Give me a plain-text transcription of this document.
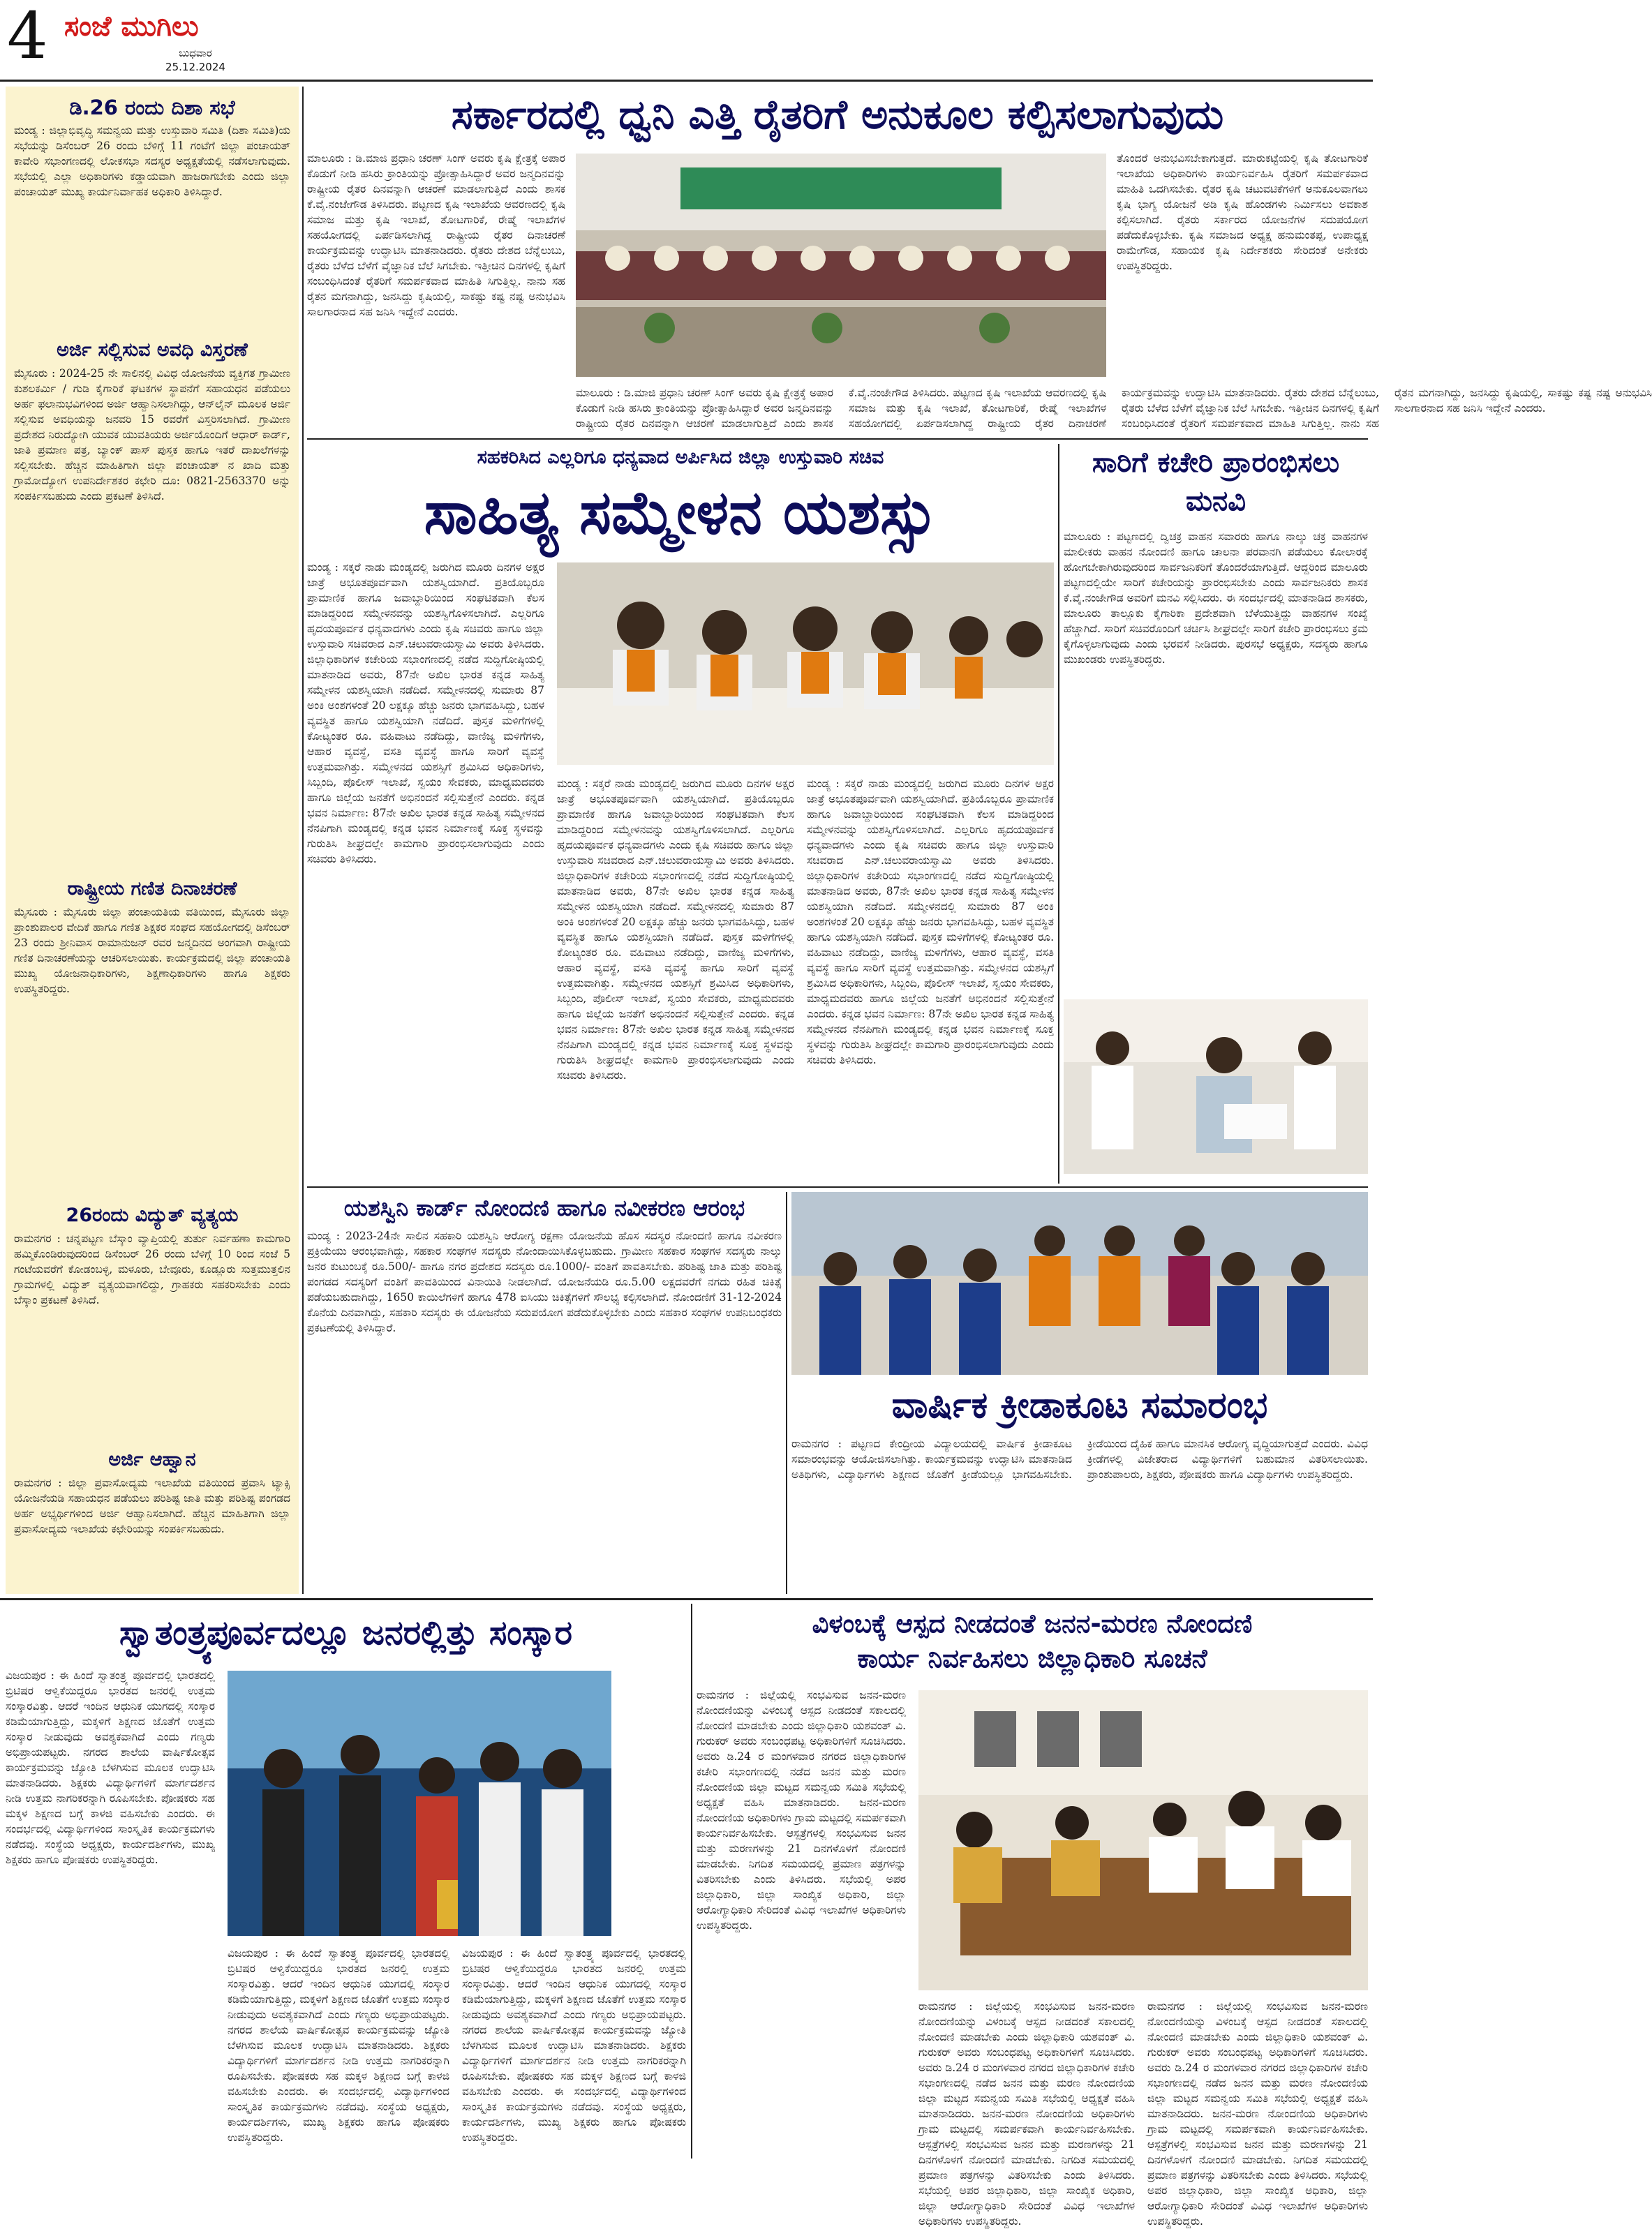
4 ಸಂಜೆ ಮುಗಿಲು
ಬುಧವಾರ
25.12.2024
ಡಿ.26 ರಂದು ದಿಶಾ ಸಭೆ
ಮಂಡ್ಯ : ಜಿಲ್ಲಾಭಿವೃದ್ಧಿ ಸಮನ್ವಯ ಮತ್ತು ಉಸ್ತುವಾರಿ ಸಮಿತಿ (ದಿಶಾ ಸಮಿತಿ)ಯ ಸಭೆಯನ್ನು ಡಿಸೆಂಬರ್ 26 ರಂದು ಬೆಳಿಗ್ಗೆ 11 ಗಂಟೆಗೆ ಜಿಲ್ಲಾ ಪಂಚಾಯತ್ ಕಾವೇರಿ ಸಭಾಂಗಣದಲ್ಲಿ ಲೋಕಸಭಾ ಸದಸ್ಯರ ಅಧ್ಯಕ್ಷತೆಯಲ್ಲಿ ನಡೆಸಲಾಗುವುದು. ಸಭೆಯಲ್ಲಿ ಎಲ್ಲಾ ಅಧಿಕಾರಿಗಳು ಕಡ್ಡಾಯವಾಗಿ ಹಾಜರಾಗಬೇಕು ಎಂದು ಜಿಲ್ಲಾ ಪಂಚಾಯತ್ ಮುಖ್ಯ ಕಾರ್ಯನಿರ್ವಾಹಕ ಅಧಿಕಾರಿ ತಿಳಿಸಿದ್ದಾರೆ.
ಅರ್ಜಿ ಸಲ್ಲಿಸುವ ಅವಧಿ ವಿಸ್ತರಣೆ
ಮೈಸೂರು : 2024-25 ನೇ ಸಾಲಿನಲ್ಲಿ ವಿವಿಧ ಯೋಜನೆಯ ವ್ಯಕ್ತಿಗತ ಗ್ರಾಮೀಣ ಕುಶಲಕರ್ಮಿ / ಗುಡಿ ಕೈಗಾರಿಕೆ ಘಟಕಗಳ ಸ್ಥಾಪನೆಗೆ ಸಹಾಯಧನ ಪಡೆಯಲು ಅರ್ಹ ಫಲಾನುಭವಿಗಳಿಂದ ಅರ್ಜಿ ಆಹ್ವಾನಿಸಲಾಗಿದ್ದು, ಆನ್‌ಲೈನ್ ಮೂಲಕ ಅರ್ಜಿ ಸಲ್ಲಿಸುವ ಅವಧಿಯನ್ನು ಜನವರಿ 15 ರವರೆಗೆ ವಿಸ್ತರಿಸಲಾಗಿದೆ. ಗ್ರಾಮೀಣ ಪ್ರದೇಶದ ನಿರುದ್ಯೋಗಿ ಯುವಕ ಯುವತಿಯರು ಅರ್ಜಿಯೊಂದಿಗೆ ಆಧಾರ್ ಕಾರ್ಡ್, ಜಾತಿ ಪ್ರಮಾಣ ಪತ್ರ, ಬ್ಯಾಂಕ್ ಪಾಸ್ ಪುಸ್ತಕ ಹಾಗೂ ಇತರೆ ದಾಖಲೆಗಳನ್ನು ಸಲ್ಲಿಸಬೇಕು. ಹೆಚ್ಚಿನ ಮಾಹಿತಿಗಾಗಿ ಜಿಲ್ಲಾ ಪಂಚಾಯತ್ ನ ಖಾದಿ ಮತ್ತು ಗ್ರಾಮೋದ್ಯೋಗ ಉಪನಿರ್ದೇಶಕರ ಕಛೇರಿ ದೂ: 0821-2563370 ಅನ್ನು ಸಂಪರ್ಕಿಸಬಹುದು ಎಂದು ಪ್ರಕಟಣೆ ತಿಳಿಸಿದೆ.
ರಾಷ್ಟ್ರೀಯ ಗಣಿತ ದಿನಾಚರಣೆ
ಮೈಸೂರು : ಮೈಸೂರು ಜಿಲ್ಲಾ ಪಂಚಾಯತಿಯ ವತಿಯಿಂದ, ಮೈಸೂರು ಜಿಲ್ಲಾ ಪ್ರಾಂಶುಪಾಲರ ವೇದಿಕೆ ಹಾಗೂ ಗಣಿತ ಶಿಕ್ಷಕರ ಸಂಘದ ಸಹಯೋಗದಲ್ಲಿ ಡಿಸೆಂಬರ್ 23 ರಂದು ಶ್ರೀನಿವಾಸ ರಾಮಾನುಜನ್ ರವರ ಜನ್ಮದಿನದ ಅಂಗವಾಗಿ ರಾಷ್ಟ್ರೀಯ ಗಣಿತ ದಿನಾಚರಣೆಯನ್ನು ಆಚರಿಸಲಾಯಿತು. ಕಾರ್ಯಕ್ರಮದಲ್ಲಿ ಜಿಲ್ಲಾ ಪಂಚಾಯತಿ ಮುಖ್ಯ ಯೋಜನಾಧಿಕಾರಿಗಳು, ಶಿಕ್ಷಣಾಧಿಕಾರಿಗಳು ಹಾಗೂ ಶಿಕ್ಷಕರು ಉಪಸ್ಥಿತರಿದ್ದರು.
26ರಂದು ವಿದ್ಯುತ್ ವ್ಯತ್ಯಯ
ರಾಮನಗರ : ಚನ್ನಪಟ್ಟಣ ಬೆಸ್ಕಾಂ ವ್ಯಾಪ್ತಿಯಲ್ಲಿ ತುರ್ತು ನಿರ್ವಹಣಾ ಕಾಮಗಾರಿ ಹಮ್ಮಿಕೊಂಡಿರುವುದರಿಂದ ಡಿಸೆಂಬರ್ 26 ರಂದು ಬೆಳಿಗ್ಗೆ 10 ರಿಂದ ಸಂಜೆ 5 ಗಂಟೆಯವರೆಗೆ ಕೋಡಂಬಳ್ಳಿ, ಮಳೂರು, ಬೇವೂರು, ಕೂಡ್ಲೂರು ಸುತ್ತಮುತ್ತಲಿನ ಗ್ರಾಮಗಳಲ್ಲಿ ವಿದ್ಯುತ್ ವ್ಯತ್ಯಯವಾಗಲಿದ್ದು, ಗ್ರಾಹಕರು ಸಹಕರಿಸಬೇಕು ಎಂದು ಬೆಸ್ಕಾಂ ಪ್ರಕಟಣೆ ತಿಳಿಸಿದೆ.
ಅರ್ಜಿ ಆಹ್ವಾನ
ರಾಮನಗರ : ಜಿಲ್ಲಾ ಪ್ರವಾಸೋದ್ಯಮ ಇಲಾಖೆಯ ವತಿಯಿಂದ ಪ್ರವಾಸಿ ಟ್ಯಾಕ್ಸಿ ಯೋಜನೆಯಡಿ ಸಹಾಯಧನ ಪಡೆಯಲು ಪರಿಶಿಷ್ಟ ಜಾತಿ ಮತ್ತು ಪರಿಶಿಷ್ಟ ಪಂಗಡದ ಅರ್ಹ ಅಭ್ಯರ್ಥಿಗಳಿಂದ ಅರ್ಜಿ ಆಹ್ವಾನಿಸಲಾಗಿದೆ. ಹೆಚ್ಚಿನ ಮಾಹಿತಿಗಾಗಿ ಜಿಲ್ಲಾ ಪ್ರವಾಸೋದ್ಯಮ ಇಲಾಖೆಯ ಕಛೇರಿಯನ್ನು ಸಂಪರ್ಕಿಸಬಹುದು.
ಸರ್ಕಾರದಲ್ಲಿ ಧ್ವನಿ ಎತ್ತಿ ರೈತರಿಗೆ ಅನುಕೂಲ ಕಲ್ಪಿಸಲಾಗುವುದು
ಮಾಲೂರು : ಡಿ.ಮಾಜಿ ಪ್ರಧಾನಿ ಚರಣ್ ಸಿಂಗ್ ಅವರು ಕೃಷಿ ಕ್ಷೇತ್ರಕ್ಕೆ ಅಪಾರ ಕೊಡುಗೆ ನೀಡಿ ಹಸಿರು ಕ್ರಾಂತಿಯನ್ನು ಪ್ರೋತ್ಸಾಹಿಸಿದ್ದಾರೆ ಅವರ ಜನ್ಮದಿನವನ್ನು ರಾಷ್ಟ್ರೀಯ ರೈತರ ದಿನವನ್ನಾಗಿ ಆಚರಣೆ ಮಾಡಲಾಗುತ್ತಿದೆ ಎಂದು ಶಾಸಕ ಕೆ.ವೈ.ನಂಜೇಗೌಡ ತಿಳಿಸಿದರು. ಪಟ್ಟಣದ ಕೃಷಿ ಇಲಾಖೆಯ ಆವರಣದಲ್ಲಿ ಕೃಷಿ ಸಮಾಜ ಮತ್ತು ಕೃಷಿ ಇಲಾಖೆ, ತೋಟಗಾರಿಕೆ, ರೇಷ್ಮೆ ಇಲಾಖೆಗಳ ಸಹಯೋಗದಲ್ಲಿ ಏರ್ಪಡಿಸಲಾಗಿದ್ದ ರಾಷ್ಟ್ರೀಯ ರೈತರ ದಿನಾಚರಣೆ ಕಾರ್ಯಕ್ರಮವನ್ನು ಉದ್ಘಾಟಿಸಿ ಮಾತನಾಡಿದರು. ರೈತರು ದೇಶದ ಬೆನ್ನೆಲುಬು, ರೈತರು ಬೆಳೆದ ಬೆಳೆಗೆ ವೈಜ್ಞಾನಿಕ ಬೆಲೆ ಸಿಗಬೇಕು. ಇತ್ತೀಚಿನ ದಿನಗಳಲ್ಲಿ ಕೃಷಿಗೆ ಸಂಬಂಧಿಸಿದಂತೆ ರೈತರಿಗೆ ಸಮರ್ಪಕವಾದ ಮಾಹಿತಿ ಸಿಗುತ್ತಿಲ್ಲ. ನಾನು ಸಹ ರೈತನ ಮಗನಾಗಿದ್ದು, ಜನಸಿದ್ದು ಕೃಷಿಯಲ್ಲಿ, ಸಾಕಷ್ಟು ಕಷ್ಟ ನಷ್ಟ ಅನುಭವಿಸಿ ಸಾಲಗಾರನಾದ ಸಹ ಜನಿಸಿ ಇದ್ದೇನೆ ಎಂದರು.
ತೊಂದರೆ ಅನುಭವಿಸಬೇಕಾಗುತ್ತದೆ. ಮಾರುಕಟ್ಟೆಯಲ್ಲಿ ಕೃಷಿ ತೋಟಗಾರಿಕೆ ಇಲಾಖೆಯ ಅಧಿಕಾರಿಗಳು ಕಾರ್ಯನಿರ್ವಹಿಸಿ ರೈತರಿಗೆ ಸಮರ್ಪಕವಾದ ಮಾಹಿತಿ ಒದಗಿಸಬೇಕು. ರೈತರ ಕೃಷಿ ಚಟುವಟಿಕೆಗಳಿಗೆ ಅನುಕೂಲವಾಗಲು ಕೃಷಿ ಭಾಗ್ಯ ಯೋಜನೆ ಅಡಿ ಕೃಷಿ ಹೊಂಡಗಳು ನಿರ್ಮಿಸಲು ಅವಕಾಶ ಕಲ್ಪಿಸಲಾಗಿದೆ. ರೈತರು ಸರ್ಕಾರದ ಯೋಜನೆಗಳ ಸದುಪಯೋಗ ಪಡೆದುಕೊಳ್ಳಬೇಕು. ಕೃಷಿ ಸಮಾಜದ ಅಧ್ಯಕ್ಷ ಹನುಮಂತಪ್ಪ, ಉಪಾಧ್ಯಕ್ಷ ರಾಮೇಗೌಡ, ಸಹಾಯಕ ಕೃಷಿ ನಿರ್ದೇಶಕರು ಸೇರಿದಂತೆ ಅನೇಕರು ಉಪಸ್ಥಿತರಿದ್ದರು.
ಮಾಲೂರು : ಡಿ.ಮಾಜಿ ಪ್ರಧಾನಿ ಚರಣ್ ಸಿಂಗ್ ಅವರು ಕೃಷಿ ಕ್ಷೇತ್ರಕ್ಕೆ ಅಪಾರ ಕೊಡುಗೆ ನೀಡಿ ಹಸಿರು ಕ್ರಾಂತಿಯನ್ನು ಪ್ರೋತ್ಸಾಹಿಸಿದ್ದಾರೆ ಅವರ ಜನ್ಮದಿನವನ್ನು ರಾಷ್ಟ್ರೀಯ ರೈತರ ದಿನವನ್ನಾಗಿ ಆಚರಣೆ ಮಾಡಲಾಗುತ್ತಿದೆ ಎಂದು ಶಾಸಕ ಕೆ.ವೈ.ನಂಜೇಗೌಡ ತಿಳಿಸಿದರು. ಪಟ್ಟಣದ ಕೃಷಿ ಇಲಾಖೆಯ ಆವರಣದಲ್ಲಿ ಕೃಷಿ ಸಮಾಜ ಮತ್ತು ಕೃಷಿ ಇಲಾಖೆ, ತೋಟಗಾರಿಕೆ, ರೇಷ್ಮೆ ಇಲಾಖೆಗಳ ಸಹಯೋಗದಲ್ಲಿ ಏರ್ಪಡಿಸಲಾಗಿದ್ದ ರಾಷ್ಟ್ರೀಯ ರೈತರ ದಿನಾಚರಣೆ ಕಾರ್ಯಕ್ರಮವನ್ನು ಉದ್ಘಾಟಿಸಿ ಮಾತನಾಡಿದರು. ರೈತರು ದೇಶದ ಬೆನ್ನೆಲುಬು, ರೈತರು ಬೆಳೆದ ಬೆಳೆಗೆ ವೈಜ್ಞಾನಿಕ ಬೆಲೆ ಸಿಗಬೇಕು. ಇತ್ತೀಚಿನ ದಿನಗಳಲ್ಲಿ ಕೃಷಿಗೆ ಸಂಬಂಧಿಸಿದಂತೆ ರೈತರಿಗೆ ಸಮರ್ಪಕವಾದ ಮಾಹಿತಿ ಸಿಗುತ್ತಿಲ್ಲ. ನಾನು ಸಹ ರೈತನ ಮಗನಾಗಿದ್ದು, ಜನಸಿದ್ದು ಕೃಷಿಯಲ್ಲಿ, ಸಾಕಷ್ಟು ಕಷ್ಟ ನಷ್ಟ ಅನುಭವಿಸಿ ಸಾಲಗಾರನಾದ ಸಹ ಜನಿಸಿ ಇದ್ದೇನೆ ಎಂದರು.
ಸಹಕರಿಸಿದ ಎಲ್ಲರಿಗೂ ಧನ್ಯವಾದ ಅರ್ಪಿಸಿದ ಜಿಲ್ಲಾ ಉಸ್ತುವಾರಿ ಸಚಿವ
ಸಾಹಿತ್ಯ ಸಮ್ಮೇಳನ ಯಶಸ್ಸು
ಮಂಡ್ಯ : ಸಕ್ಕರೆ ನಾಡು ಮಂಡ್ಯದಲ್ಲಿ ಜರುಗಿದ ಮೂರು ದಿನಗಳ ಅಕ್ಷರ ಜಾತ್ರೆ ಅಭೂತಪೂರ್ವವಾಗಿ ಯಶಸ್ವಿಯಾಗಿದೆ. ಪ್ರತಿಯೊಬ್ಬರೂ ಪ್ರಾಮಾಣಿಕ ಹಾಗೂ ಜವಾಬ್ದಾರಿಯಿಂದ ಸಂಘಟಿತವಾಗಿ ಕೆಲಸ ಮಾಡಿದ್ದರಿಂದ ಸಮ್ಮೇಳನವನ್ನು ಯಶಸ್ವಿಗೊಳಿಸಲಾಗಿದೆ. ಎಲ್ಲರಿಗೂ ಹೃದಯಪೂರ್ವಕ ಧನ್ಯವಾದಗಳು ಎಂದು ಕೃಷಿ ಸಚಿವರು ಹಾಗೂ ಜಿಲ್ಲಾ ಉಸ್ತುವಾರಿ ಸಚಿವರಾದ ಎನ್.ಚಲುವರಾಯಸ್ವಾಮಿ ಅವರು ತಿಳಿಸಿದರು. ಜಿಲ್ಲಾಧಿಕಾರಿಗಳ ಕಚೇರಿಯ ಸಭಾಂಗಣದಲ್ಲಿ ನಡೆದ ಸುದ್ದಿಗೋಷ್ಠಿಯಲ್ಲಿ ಮಾತನಾಡಿದ ಅವರು, 87ನೇ ಅಖಿಲ ಭಾರತ ಕನ್ನಡ ಸಾಹಿತ್ಯ ಸಮ್ಮೇಳನ ಯಶಸ್ವಿಯಾಗಿ ನಡೆದಿದೆ. ಸಮ್ಮೇಳನದಲ್ಲಿ ಸುಮಾರು 87 ಅಂಕಿ ಅಂಶಗಳಂತೆ 20 ಲಕ್ಷಕ್ಕೂ ಹೆಚ್ಚು ಜನರು ಭಾಗವಹಿಸಿದ್ದು, ಬಹಳ ವ್ಯವಸ್ಥಿತ ಹಾಗೂ ಯಶಸ್ವಿಯಾಗಿ ನಡೆದಿದೆ. ಪುಸ್ತಕ ಮಳಿಗೆಗಳಲ್ಲಿ ಕೋಟ್ಯಂತರ ರೂ. ವಹಿವಾಟು ನಡೆದಿದ್ದು, ವಾಣಿಜ್ಯ ಮಳಿಗೆಗಳು, ಆಹಾರ ವ್ಯವಸ್ಥೆ, ವಸತಿ ವ್ಯವಸ್ಥೆ ಹಾಗೂ ಸಾರಿಗೆ ವ್ಯವಸ್ಥೆ ಉತ್ತಮವಾಗಿತ್ತು. ಸಮ್ಮೇಳನದ ಯಶಸ್ಸಿಗೆ ಶ್ರಮಿಸಿದ ಅಧಿಕಾರಿಗಳು, ಸಿಬ್ಬಂದಿ, ಪೊಲೀಸ್ ಇಲಾಖೆ, ಸ್ವಯಂ ಸೇವಕರು, ಮಾಧ್ಯಮದವರು ಹಾಗೂ ಜಿಲ್ಲೆಯ ಜನತೆಗೆ ಅಭಿನಂದನೆ ಸಲ್ಲಿಸುತ್ತೇನೆ ಎಂದರು. ಕನ್ನಡ ಭವನ ನಿರ್ಮಾಣ: 87ನೇ ಅಖಿಲ ಭಾರತ ಕನ್ನಡ ಸಾಹಿತ್ಯ ಸಮ್ಮೇಳನದ ನೆನಪಿಗಾಗಿ ಮಂಡ್ಯದಲ್ಲಿ ಕನ್ನಡ ಭವನ ನಿರ್ಮಾಣಕ್ಕೆ ಸೂಕ್ತ ಸ್ಥಳವನ್ನು ಗುರುತಿಸಿ ಶೀಘ್ರದಲ್ಲೇ ಕಾಮಗಾರಿ ಪ್ರಾರಂಭಿಸಲಾಗುವುದು ಎಂದು ಸಚಿವರು ತಿಳಿಸಿದರು.
ಮಂಡ್ಯ : ಸಕ್ಕರೆ ನಾಡು ಮಂಡ್ಯದಲ್ಲಿ ಜರುಗಿದ ಮೂರು ದಿನಗಳ ಅಕ್ಷರ ಜಾತ್ರೆ ಅಭೂತಪೂರ್ವವಾಗಿ ಯಶಸ್ವಿಯಾಗಿದೆ. ಪ್ರತಿಯೊಬ್ಬರೂ ಪ್ರಾಮಾಣಿಕ ಹಾಗೂ ಜವಾಬ್ದಾರಿಯಿಂದ ಸಂಘಟಿತವಾಗಿ ಕೆಲಸ ಮಾಡಿದ್ದರಿಂದ ಸಮ್ಮೇಳನವನ್ನು ಯಶಸ್ವಿಗೊಳಿಸಲಾಗಿದೆ. ಎಲ್ಲರಿಗೂ ಹೃದಯಪೂರ್ವಕ ಧನ್ಯವಾದಗಳು ಎಂದು ಕೃಷಿ ಸಚಿವರು ಹಾಗೂ ಜಿಲ್ಲಾ ಉಸ್ತುವಾರಿ ಸಚಿವರಾದ ಎನ್.ಚಲುವರಾಯಸ್ವಾಮಿ ಅವರು ತಿಳಿಸಿದರು. ಜಿಲ್ಲಾಧಿಕಾರಿಗಳ ಕಚೇರಿಯ ಸಭಾಂಗಣದಲ್ಲಿ ನಡೆದ ಸುದ್ದಿಗೋಷ್ಠಿಯಲ್ಲಿ ಮಾತನಾಡಿದ ಅವರು, 87ನೇ ಅಖಿಲ ಭಾರತ ಕನ್ನಡ ಸಾಹಿತ್ಯ ಸಮ್ಮೇಳನ ಯಶಸ್ವಿಯಾಗಿ ನಡೆದಿದೆ. ಸಮ್ಮೇಳನದಲ್ಲಿ ಸುಮಾರು 87 ಅಂಕಿ ಅಂಶಗಳಂತೆ 20 ಲಕ್ಷಕ್ಕೂ ಹೆಚ್ಚು ಜನರು ಭಾಗವಹಿಸಿದ್ದು, ಬಹಳ ವ್ಯವಸ್ಥಿತ ಹಾಗೂ ಯಶಸ್ವಿಯಾಗಿ ನಡೆದಿದೆ. ಪುಸ್ತಕ ಮಳಿಗೆಗಳಲ್ಲಿ ಕೋಟ್ಯಂತರ ರೂ. ವಹಿವಾಟು ನಡೆದಿದ್ದು, ವಾಣಿಜ್ಯ ಮಳಿಗೆಗಳು, ಆಹಾರ ವ್ಯವಸ್ಥೆ, ವಸತಿ ವ್ಯವಸ್ಥೆ ಹಾಗೂ ಸಾರಿಗೆ ವ್ಯವಸ್ಥೆ ಉತ್ತಮವಾಗಿತ್ತು. ಸಮ್ಮೇಳನದ ಯಶಸ್ಸಿಗೆ ಶ್ರಮಿಸಿದ ಅಧಿಕಾರಿಗಳು, ಸಿಬ್ಬಂದಿ, ಪೊಲೀಸ್ ಇಲಾಖೆ, ಸ್ವಯಂ ಸೇವಕರು, ಮಾಧ್ಯಮದವರು ಹಾಗೂ ಜಿಲ್ಲೆಯ ಜನತೆಗೆ ಅಭಿನಂದನೆ ಸಲ್ಲಿಸುತ್ತೇನೆ ಎಂದರು. ಕನ್ನಡ ಭವನ ನಿರ್ಮಾಣ: 87ನೇ ಅಖಿಲ ಭಾರತ ಕನ್ನಡ ಸಾಹಿತ್ಯ ಸಮ್ಮೇಳನದ ನೆನಪಿಗಾಗಿ ಮಂಡ್ಯದಲ್ಲಿ ಕನ್ನಡ ಭವನ ನಿರ್ಮಾಣಕ್ಕೆ ಸೂಕ್ತ ಸ್ಥಳವನ್ನು ಗುರುತಿಸಿ ಶೀಘ್ರದಲ್ಲೇ ಕಾಮಗಾರಿ ಪ್ರಾರಂಭಿಸಲಾಗುವುದು ಎಂದು ಸಚಿವರು ತಿಳಿಸಿದರು.
ಮಂಡ್ಯ : ಸಕ್ಕರೆ ನಾಡು ಮಂಡ್ಯದಲ್ಲಿ ಜರುಗಿದ ಮೂರು ದಿನಗಳ ಅಕ್ಷರ ಜಾತ್ರೆ ಅಭೂತಪೂರ್ವವಾಗಿ ಯಶಸ್ವಿಯಾಗಿದೆ. ಪ್ರತಿಯೊಬ್ಬರೂ ಪ್ರಾಮಾಣಿಕ ಹಾಗೂ ಜವಾಬ್ದಾರಿಯಿಂದ ಸಂಘಟಿತವಾಗಿ ಕೆಲಸ ಮಾಡಿದ್ದರಿಂದ ಸಮ್ಮೇಳನವನ್ನು ಯಶಸ್ವಿಗೊಳಿಸಲಾಗಿದೆ. ಎಲ್ಲರಿಗೂ ಹೃದಯಪೂರ್ವಕ ಧನ್ಯವಾದಗಳು ಎಂದು ಕೃಷಿ ಸಚಿವರು ಹಾಗೂ ಜಿಲ್ಲಾ ಉಸ್ತುವಾರಿ ಸಚಿವರಾದ ಎನ್.ಚಲುವರಾಯಸ್ವಾಮಿ ಅವರು ತಿಳಿಸಿದರು. ಜಿಲ್ಲಾಧಿಕಾರಿಗಳ ಕಚೇರಿಯ ಸಭಾಂಗಣದಲ್ಲಿ ನಡೆದ ಸುದ್ದಿಗೋಷ್ಠಿಯಲ್ಲಿ ಮಾತನಾಡಿದ ಅವರು, 87ನೇ ಅಖಿಲ ಭಾರತ ಕನ್ನಡ ಸಾಹಿತ್ಯ ಸಮ್ಮೇಳನ ಯಶಸ್ವಿಯಾಗಿ ನಡೆದಿದೆ. ಸಮ್ಮೇಳನದಲ್ಲಿ ಸುಮಾರು 87 ಅಂಕಿ ಅಂಶಗಳಂತೆ 20 ಲಕ್ಷಕ್ಕೂ ಹೆಚ್ಚು ಜನರು ಭಾಗವಹಿಸಿದ್ದು, ಬಹಳ ವ್ಯವಸ್ಥಿತ ಹಾಗೂ ಯಶಸ್ವಿಯಾಗಿ ನಡೆದಿದೆ. ಪುಸ್ತಕ ಮಳಿಗೆಗಳಲ್ಲಿ ಕೋಟ್ಯಂತರ ರೂ. ವಹಿವಾಟು ನಡೆದಿದ್ದು, ವಾಣಿಜ್ಯ ಮಳಿಗೆಗಳು, ಆಹಾರ ವ್ಯವಸ್ಥೆ, ವಸತಿ ವ್ಯವಸ್ಥೆ ಹಾಗೂ ಸಾರಿಗೆ ವ್ಯವಸ್ಥೆ ಉತ್ತಮವಾಗಿತ್ತು. ಸಮ್ಮೇಳನದ ಯಶಸ್ಸಿಗೆ ಶ್ರಮಿಸಿದ ಅಧಿಕಾರಿಗಳು, ಸಿಬ್ಬಂದಿ, ಪೊಲೀಸ್ ಇಲಾಖೆ, ಸ್ವಯಂ ಸೇವಕರು, ಮಾಧ್ಯಮದವರು ಹಾಗೂ ಜಿಲ್ಲೆಯ ಜನತೆಗೆ ಅಭಿನಂದನೆ ಸಲ್ಲಿಸುತ್ತೇನೆ ಎಂದರು. ಕನ್ನಡ ಭವನ ನಿರ್ಮಾಣ: 87ನೇ ಅಖಿಲ ಭಾರತ ಕನ್ನಡ ಸಾಹಿತ್ಯ ಸಮ್ಮೇಳನದ ನೆನಪಿಗಾಗಿ ಮಂಡ್ಯದಲ್ಲಿ ಕನ್ನಡ ಭವನ ನಿರ್ಮಾಣಕ್ಕೆ ಸೂಕ್ತ ಸ್ಥಳವನ್ನು ಗುರುತಿಸಿ ಶೀಘ್ರದಲ್ಲೇ ಕಾಮಗಾರಿ ಪ್ರಾರಂಭಿಸಲಾಗುವುದು ಎಂದು ಸಚಿವರು ತಿಳಿಸಿದರು.
ಸಾರಿಗೆ ಕಚೇರಿ ಪ್ರಾರಂಭಿಸಲು ಮನವಿ
ಮಾಲೂರು : ಪಟ್ಟಣದಲ್ಲಿ ದ್ವಿಚಕ್ರ ವಾಹನ ಸವಾರರು ಹಾಗೂ ನಾಲ್ಕು ಚಕ್ರ ವಾಹನಗಳ ಮಾಲೀಕರು ವಾಹನ ನೋಂದಣಿ ಹಾಗೂ ಚಾಲನಾ ಪರವಾನಗಿ ಪಡೆಯಲು ಕೋಲಾರಕ್ಕೆ ಹೋಗಬೇಕಾಗಿರುವುದರಿಂದ ಸಾರ್ವಜನಿಕರಿಗೆ ತೊಂದರೆಯಾಗುತ್ತಿದೆ. ಆದ್ದರಿಂದ ಮಾಲೂರು ಪಟ್ಟಣದಲ್ಲಿಯೇ ಸಾರಿಗೆ ಕಚೇರಿಯನ್ನು ಪ್ರಾರಂಭಿಸಬೇಕು ಎಂದು ಸಾರ್ವಜನಿಕರು ಶಾಸಕ ಕೆ.ವೈ.ನಂಜೇಗೌಡ ಅವರಿಗೆ ಮನವಿ ಸಲ್ಲಿಸಿದರು. ಈ ಸಂದರ್ಭದಲ್ಲಿ ಮಾತನಾಡಿದ ಶಾಸಕರು, ಮಾಲೂರು ತಾಲ್ಲೂಕು ಕೈಗಾರಿಕಾ ಪ್ರದೇಶವಾಗಿ ಬೆಳೆಯುತ್ತಿದ್ದು ವಾಹನಗಳ ಸಂಖ್ಯೆ ಹೆಚ್ಚಾಗಿದೆ. ಸಾರಿಗೆ ಸಚಿವರೊಂದಿಗೆ ಚರ್ಚಿಸಿ ಶೀಘ್ರದಲ್ಲೇ ಸಾರಿಗೆ ಕಚೇರಿ ಪ್ರಾರಂಭಿಸಲು ಕ್ರಮ ಕೈಗೊಳ್ಳಲಾಗುವುದು ಎಂದು ಭರವಸೆ ನೀಡಿದರು. ಪುರಸಭೆ ಅಧ್ಯಕ್ಷರು, ಸದಸ್ಯರು ಹಾಗೂ ಮುಖಂಡರು ಉಪಸ್ಥಿತರಿದ್ದರು.
ಯಶಸ್ವಿನಿ ಕಾರ್ಡ್ ನೋಂದಣಿ ಹಾಗೂ ನವೀಕರಣ ಆರಂಭ
ಮಂಡ್ಯ : 2023-24ನೇ ಸಾಲಿನ ಸಹಕಾರಿ ಯಶಸ್ವಿನಿ ಆರೋಗ್ಯ ರಕ್ಷಣಾ ಯೋಜನೆಯ ಹೊಸ ಸದಸ್ಯರ ನೋಂದಣಿ ಹಾಗೂ ನವೀಕರಣ ಪ್ರಕ್ರಿಯೆಯು ಆರಂಭವಾಗಿದ್ದು, ಸಹಕಾರ ಸಂಘಗಳ ಸದಸ್ಯರು ನೋಂದಾಯಿಸಿಕೊಳ್ಳಬಹುದು. ಗ್ರಾಮೀಣ ಸಹಕಾರ ಸಂಘಗಳ ಸದಸ್ಯರು ನಾಲ್ಕು ಜನರ ಕುಟುಂಬಕ್ಕೆ ರೂ.500/- ಹಾಗೂ ನಗರ ಪ್ರದೇಶದ ಸದಸ್ಯರು ರೂ.1000/- ವಂತಿಗೆ ಪಾವತಿಸಬೇಕು. ಪರಿಶಿಷ್ಟ ಜಾತಿ ಮತ್ತು ಪರಿಶಿಷ್ಟ ಪಂಗಡದ ಸದಸ್ಯರಿಗೆ ವಂತಿಗೆ ಪಾವತಿಯಿಂದ ವಿನಾಯಿತಿ ನೀಡಲಾಗಿದೆ. ಯೋಜನೆಯಡಿ ರೂ.5.00 ಲಕ್ಷದವರೆಗೆ ನಗದು ರಹಿತ ಚಿಕಿತ್ಸೆ ಪಡೆಯಬಹುದಾಗಿದ್ದು, 1650 ಕಾಯಿಲೆಗಳಿಗೆ ಹಾಗೂ 478 ಐಸಿಯು ಚಿಕಿತ್ಸೆಗಳಿಗೆ ಸೌಲಭ್ಯ ಕಲ್ಪಿಸಲಾಗಿದೆ. ನೋಂದಣಿಗೆ 31-12-2024 ಕೊನೆಯ ದಿನವಾಗಿದ್ದು, ಸಹಕಾರಿ ಸದಸ್ಯರು ಈ ಯೋಜನೆಯ ಸದುಪಯೋಗ ಪಡೆದುಕೊಳ್ಳಬೇಕು ಎಂದು ಸಹಕಾರ ಸಂಘಗಳ ಉಪನಿಬಂಧಕರು ಪ್ರಕಟಣೆಯಲ್ಲಿ ತಿಳಿಸಿದ್ದಾರೆ.
ವಾರ್ಷಿಕ ಕ್ರೀಡಾಕೂಟ ಸಮಾರಂಭ
ರಾಮನಗರ : ಪಟ್ಟಣದ ಕೇಂದ್ರೀಯ ವಿದ್ಯಾಲಯದಲ್ಲಿ ವಾರ್ಷಿಕ ಕ್ರೀಡಾಕೂಟ ಸಮಾರಂಭವನ್ನು ಆಯೋಜಿಸಲಾಗಿತ್ತು. ಕಾರ್ಯಕ್ರಮವನ್ನು ಉದ್ಘಾಟಿಸಿ ಮಾತನಾಡಿದ ಅತಿಥಿಗಳು, ವಿದ್ಯಾರ್ಥಿಗಳು ಶಿಕ್ಷಣದ ಜೊತೆಗೆ ಕ್ರೀಡೆಯಲ್ಲೂ ಭಾಗವಹಿಸಬೇಕು. ಕ್ರೀಡೆಯಿಂದ ದೈಹಿಕ ಹಾಗೂ ಮಾನಸಿಕ ಆರೋಗ್ಯ ವೃದ್ಧಿಯಾಗುತ್ತದೆ ಎಂದರು. ವಿವಿಧ ಕ್ರೀಡೆಗಳಲ್ಲಿ ವಿಜೇತರಾದ ವಿದ್ಯಾರ್ಥಿಗಳಿಗೆ ಬಹುಮಾನ ವಿತರಿಸಲಾಯಿತು. ಪ್ರಾಂಶುಪಾಲರು, ಶಿಕ್ಷಕರು, ಪೋಷಕರು ಹಾಗೂ ವಿದ್ಯಾರ್ಥಿಗಳು ಉಪಸ್ಥಿತರಿದ್ದರು.
ಸ್ವಾತಂತ್ರ್ಯಪೂರ್ವದಲ್ಲೂ ಜನರಲ್ಲಿತ್ತು ಸಂಸ್ಕಾರ
ವಿಜಯಪುರ : ಈ ಹಿಂದೆ ಸ್ವಾತಂತ್ರ್ಯ ಪೂರ್ವದಲ್ಲಿ ಭಾರತದಲ್ಲಿ ಬ್ರಿಟಿಷರ ಆಳ್ವಿಕೆಯಿದ್ದರೂ ಭಾರತದ ಜನರಲ್ಲಿ ಉತ್ತಮ ಸಂಸ್ಕಾರವಿತ್ತು. ಆದರೆ ಇಂದಿನ ಆಧುನಿಕ ಯುಗದಲ್ಲಿ ಸಂಸ್ಕಾರ ಕಡಿಮೆಯಾಗುತ್ತಿದ್ದು, ಮಕ್ಕಳಿಗೆ ಶಿಕ್ಷಣದ ಜೊತೆಗೆ ಉತ್ತಮ ಸಂಸ್ಕಾರ ನೀಡುವುದು ಅವಶ್ಯಕವಾಗಿದೆ ಎಂದು ಗಣ್ಯರು ಅಭಿಪ್ರಾಯಪಟ್ಟರು. ನಗರದ ಶಾಲೆಯ ವಾರ್ಷಿಕೋತ್ಸವ ಕಾರ್ಯಕ್ರಮವನ್ನು ಜ್ಯೋತಿ ಬೆಳಗಿಸುವ ಮೂಲಕ ಉದ್ಘಾಟಿಸಿ ಮಾತನಾಡಿದರು. ಶಿಕ್ಷಕರು ವಿದ್ಯಾರ್ಥಿಗಳಿಗೆ ಮಾರ್ಗದರ್ಶನ ನೀಡಿ ಉತ್ತಮ ನಾಗರಿಕರನ್ನಾಗಿ ರೂಪಿಸಬೇಕು. ಪೋಷಕರು ಸಹ ಮಕ್ಕಳ ಶಿಕ್ಷಣದ ಬಗ್ಗೆ ಕಾಳಜಿ ವಹಿಸಬೇಕು ಎಂದರು. ಈ ಸಂದರ್ಭದಲ್ಲಿ ವಿದ್ಯಾರ್ಥಿಗಳಿಂದ ಸಾಂಸ್ಕೃತಿಕ ಕಾರ್ಯಕ್ರಮಗಳು ನಡೆದವು. ಸಂಸ್ಥೆಯ ಅಧ್ಯಕ್ಷರು, ಕಾರ್ಯದರ್ಶಿಗಳು, ಮುಖ್ಯ ಶಿಕ್ಷಕರು ಹಾಗೂ ಪೋಷಕರು ಉಪಸ್ಥಿತರಿದ್ದರು.
ವಿಜಯಪುರ : ಈ ಹಿಂದೆ ಸ್ವಾತಂತ್ರ್ಯ ಪೂರ್ವದಲ್ಲಿ ಭಾರತದಲ್ಲಿ ಬ್ರಿಟಿಷರ ಆಳ್ವಿಕೆಯಿದ್ದರೂ ಭಾರತದ ಜನರಲ್ಲಿ ಉತ್ತಮ ಸಂಸ್ಕಾರವಿತ್ತು. ಆದರೆ ಇಂದಿನ ಆಧುನಿಕ ಯುಗದಲ್ಲಿ ಸಂಸ್ಕಾರ ಕಡಿಮೆಯಾಗುತ್ತಿದ್ದು, ಮಕ್ಕಳಿಗೆ ಶಿಕ್ಷಣದ ಜೊತೆಗೆ ಉತ್ತಮ ಸಂಸ್ಕಾರ ನೀಡುವುದು ಅವಶ್ಯಕವಾಗಿದೆ ಎಂದು ಗಣ್ಯರು ಅಭಿಪ್ರಾಯಪಟ್ಟರು. ನಗರದ ಶಾಲೆಯ ವಾರ್ಷಿಕೋತ್ಸವ ಕಾರ್ಯಕ್ರಮವನ್ನು ಜ್ಯೋತಿ ಬೆಳಗಿಸುವ ಮೂಲಕ ಉದ್ಘಾಟಿಸಿ ಮಾತನಾಡಿದರು. ಶಿಕ್ಷಕರು ವಿದ್ಯಾರ್ಥಿಗಳಿಗೆ ಮಾರ್ಗದರ್ಶನ ನೀಡಿ ಉತ್ತಮ ನಾಗರಿಕರನ್ನಾಗಿ ರೂಪಿಸಬೇಕು. ಪೋಷಕರು ಸಹ ಮಕ್ಕಳ ಶಿಕ್ಷಣದ ಬಗ್ಗೆ ಕಾಳಜಿ ವಹಿಸಬೇಕು ಎಂದರು. ಈ ಸಂದರ್ಭದಲ್ಲಿ ವಿದ್ಯಾರ್ಥಿಗಳಿಂದ ಸಾಂಸ್ಕೃತಿಕ ಕಾರ್ಯಕ್ರಮಗಳು ನಡೆದವು. ಸಂಸ್ಥೆಯ ಅಧ್ಯಕ್ಷರು, ಕಾರ್ಯದರ್ಶಿಗಳು, ಮುಖ್ಯ ಶಿಕ್ಷಕರು ಹಾಗೂ ಪೋಷಕರು ಉಪಸ್ಥಿತರಿದ್ದರು.
ವಿಜಯಪುರ : ಈ ಹಿಂದೆ ಸ್ವಾತಂತ್ರ್ಯ ಪೂರ್ವದಲ್ಲಿ ಭಾರತದಲ್ಲಿ ಬ್ರಿಟಿಷರ ಆಳ್ವಿಕೆಯಿದ್ದರೂ ಭಾರತದ ಜನರಲ್ಲಿ ಉತ್ತಮ ಸಂಸ್ಕಾರವಿತ್ತು. ಆದರೆ ಇಂದಿನ ಆಧುನಿಕ ಯುಗದಲ್ಲಿ ಸಂಸ್ಕಾರ ಕಡಿಮೆಯಾಗುತ್ತಿದ್ದು, ಮಕ್ಕಳಿಗೆ ಶಿಕ್ಷಣದ ಜೊತೆಗೆ ಉತ್ತಮ ಸಂಸ್ಕಾರ ನೀಡುವುದು ಅವಶ್ಯಕವಾಗಿದೆ ಎಂದು ಗಣ್ಯರು ಅಭಿಪ್ರಾಯಪಟ್ಟರು. ನಗರದ ಶಾಲೆಯ ವಾರ್ಷಿಕೋತ್ಸವ ಕಾರ್ಯಕ್ರಮವನ್ನು ಜ್ಯೋತಿ ಬೆಳಗಿಸುವ ಮೂಲಕ ಉದ್ಘಾಟಿಸಿ ಮಾತನಾಡಿದರು. ಶಿಕ್ಷಕರು ವಿದ್ಯಾರ್ಥಿಗಳಿಗೆ ಮಾರ್ಗದರ್ಶನ ನೀಡಿ ಉತ್ತಮ ನಾಗರಿಕರನ್ನಾಗಿ ರೂಪಿಸಬೇಕು. ಪೋಷಕರು ಸಹ ಮಕ್ಕಳ ಶಿಕ್ಷಣದ ಬಗ್ಗೆ ಕಾಳಜಿ ವಹಿಸಬೇಕು ಎಂದರು. ಈ ಸಂದರ್ಭದಲ್ಲಿ ವಿದ್ಯಾರ್ಥಿಗಳಿಂದ ಸಾಂಸ್ಕೃತಿಕ ಕಾರ್ಯಕ್ರಮಗಳು ನಡೆದವು. ಸಂಸ್ಥೆಯ ಅಧ್ಯಕ್ಷರು, ಕಾರ್ಯದರ್ಶಿಗಳು, ಮುಖ್ಯ ಶಿಕ್ಷಕರು ಹಾಗೂ ಪೋಷಕರು ಉಪಸ್ಥಿತರಿದ್ದರು.
ವಿಳಂಬಕ್ಕೆ ಆಸ್ಪದ ನೀಡದಂತೆ ಜನನ-ಮರಣ ನೋಂದಣಿ
ಕಾರ್ಯ ನಿರ್ವಹಿಸಲು ಜಿಲ್ಲಾಧಿಕಾರಿ ಸೂಚನೆ
ರಾಮನಗರ : ಜಿಲ್ಲೆಯಲ್ಲಿ ಸಂಭವಿಸುವ ಜನನ-ಮರಣ ನೋಂದಣಿಯನ್ನು ವಿಳಂಬಕ್ಕೆ ಆಸ್ಪದ ನೀಡದಂತೆ ಸಕಾಲದಲ್ಲಿ ನೋಂದಣಿ ಮಾಡಬೇಕು ಎಂದು ಜಿಲ್ಲಾಧಿಕಾರಿ ಯಶವಂತ್ ವಿ. ಗುರುಕರ್ ಅವರು ಸಂಬಂಧಪಟ್ಟ ಅಧಿಕಾರಿಗಳಿಗೆ ಸೂಚಿಸಿದರು. ಅವರು ಡಿ.24 ರ ಮಂಗಳವಾರ ನಗರದ ಜಿಲ್ಲಾಧಿಕಾರಿಗಳ ಕಚೇರಿ ಸಭಾಂಗಣದಲ್ಲಿ ನಡೆದ ಜನನ ಮತ್ತು ಮರಣ ನೋಂದಣಿಯ ಜಿಲ್ಲಾ ಮಟ್ಟದ ಸಮನ್ವಯ ಸಮಿತಿ ಸಭೆಯಲ್ಲಿ ಅಧ್ಯಕ್ಷತೆ ವಹಿಸಿ ಮಾತನಾಡಿದರು. ಜನನ-ಮರಣ ನೋಂದಣಿಯ ಅಧಿಕಾರಿಗಳು ಗ್ರಾಮ ಮಟ್ಟದಲ್ಲಿ ಸಮರ್ಪಕವಾಗಿ ಕಾರ್ಯನಿರ್ವಹಿಸಬೇಕು. ಆಸ್ಪತ್ರೆಗಳಲ್ಲಿ ಸಂಭವಿಸುವ ಜನನ ಮತ್ತು ಮರಣಗಳನ್ನು 21 ದಿನಗಳೊಳಗೆ ನೋಂದಣಿ ಮಾಡಬೇಕು. ನಿಗದಿತ ಸಮಯದಲ್ಲಿ ಪ್ರಮಾಣ ಪತ್ರಗಳನ್ನು ವಿತರಿಸಬೇಕು ಎಂದು ತಿಳಿಸಿದರು. ಸಭೆಯಲ್ಲಿ ಅಪರ ಜಿಲ್ಲಾಧಿಕಾರಿ, ಜಿಲ್ಲಾ ಸಾಂಖ್ಯಿಕ ಅಧಿಕಾರಿ, ಜಿಲ್ಲಾ ಆರೋಗ್ಯಾಧಿಕಾರಿ ಸೇರಿದಂತೆ ವಿವಿಧ ಇಲಾಖೆಗಳ ಅಧಿಕಾರಿಗಳು ಉಪಸ್ಥಿತರಿದ್ದರು.
ರಾಮನಗರ : ಜಿಲ್ಲೆಯಲ್ಲಿ ಸಂಭವಿಸುವ ಜನನ-ಮರಣ ನೋಂದಣಿಯನ್ನು ವಿಳಂಬಕ್ಕೆ ಆಸ್ಪದ ನೀಡದಂತೆ ಸಕಾಲದಲ್ಲಿ ನೋಂದಣಿ ಮಾಡಬೇಕು ಎಂದು ಜಿಲ್ಲಾಧಿಕಾರಿ ಯಶವಂತ್ ವಿ. ಗುರುಕರ್ ಅವರು ಸಂಬಂಧಪಟ್ಟ ಅಧಿಕಾರಿಗಳಿಗೆ ಸೂಚಿಸಿದರು. ಅವರು ಡಿ.24 ರ ಮಂಗಳವಾರ ನಗರದ ಜಿಲ್ಲಾಧಿಕಾರಿಗಳ ಕಚೇರಿ ಸಭಾಂಗಣದಲ್ಲಿ ನಡೆದ ಜನನ ಮತ್ತು ಮರಣ ನೋಂದಣಿಯ ಜಿಲ್ಲಾ ಮಟ್ಟದ ಸಮನ್ವಯ ಸಮಿತಿ ಸಭೆಯಲ್ಲಿ ಅಧ್ಯಕ್ಷತೆ ವಹಿಸಿ ಮಾತನಾಡಿದರು. ಜನನ-ಮರಣ ನೋಂದಣಿಯ ಅಧಿಕಾರಿಗಳು ಗ್ರಾಮ ಮಟ್ಟದಲ್ಲಿ ಸಮರ್ಪಕವಾಗಿ ಕಾರ್ಯನಿರ್ವಹಿಸಬೇಕು. ಆಸ್ಪತ್ರೆಗಳಲ್ಲಿ ಸಂಭವಿಸುವ ಜನನ ಮತ್ತು ಮರಣಗಳನ್ನು 21 ದಿನಗಳೊಳಗೆ ನೋಂದಣಿ ಮಾಡಬೇಕು. ನಿಗದಿತ ಸಮಯದಲ್ಲಿ ಪ್ರಮಾಣ ಪತ್ರಗಳನ್ನು ವಿತರಿಸಬೇಕು ಎಂದು ತಿಳಿಸಿದರು. ಸಭೆಯಲ್ಲಿ ಅಪರ ಜಿಲ್ಲಾಧಿಕಾರಿ, ಜಿಲ್ಲಾ ಸಾಂಖ್ಯಿಕ ಅಧಿಕಾರಿ, ಜಿಲ್ಲಾ ಆರೋಗ್ಯಾಧಿಕಾರಿ ಸೇರಿದಂತೆ ವಿವಿಧ ಇಲಾಖೆಗಳ ಅಧಿಕಾರಿಗಳು ಉಪಸ್ಥಿತರಿದ್ದರು.
ರಾಮನಗರ : ಜಿಲ್ಲೆಯಲ್ಲಿ ಸಂಭವಿಸುವ ಜನನ-ಮರಣ ನೋಂದಣಿಯನ್ನು ವಿಳಂಬಕ್ಕೆ ಆಸ್ಪದ ನೀಡದಂತೆ ಸಕಾಲದಲ್ಲಿ ನೋಂದಣಿ ಮಾಡಬೇಕು ಎಂದು ಜಿಲ್ಲಾಧಿಕಾರಿ ಯಶವಂತ್ ವಿ. ಗುರುಕರ್ ಅವರು ಸಂಬಂಧಪಟ್ಟ ಅಧಿಕಾರಿಗಳಿಗೆ ಸೂಚಿಸಿದರು. ಅವರು ಡಿ.24 ರ ಮಂಗಳವಾರ ನಗರದ ಜಿಲ್ಲಾಧಿಕಾರಿಗಳ ಕಚೇರಿ ಸಭಾಂಗಣದಲ್ಲಿ ನಡೆದ ಜನನ ಮತ್ತು ಮರಣ ನೋಂದಣಿಯ ಜಿಲ್ಲಾ ಮಟ್ಟದ ಸಮನ್ವಯ ಸಮಿತಿ ಸಭೆಯಲ್ಲಿ ಅಧ್ಯಕ್ಷತೆ ವಹಿಸಿ ಮಾತನಾಡಿದರು. ಜನನ-ಮರಣ ನೋಂದಣಿಯ ಅಧಿಕಾರಿಗಳು ಗ್ರಾಮ ಮಟ್ಟದಲ್ಲಿ ಸಮರ್ಪಕವಾಗಿ ಕಾರ್ಯನಿರ್ವಹಿಸಬೇಕು. ಆಸ್ಪತ್ರೆಗಳಲ್ಲಿ ಸಂಭವಿಸುವ ಜನನ ಮತ್ತು ಮರಣಗಳನ್ನು 21 ದಿನಗಳೊಳಗೆ ನೋಂದಣಿ ಮಾಡಬೇಕು. ನಿಗದಿತ ಸಮಯದಲ್ಲಿ ಪ್ರಮಾಣ ಪತ್ರಗಳನ್ನು ವಿತರಿಸಬೇಕು ಎಂದು ತಿಳಿಸಿದರು. ಸಭೆಯಲ್ಲಿ ಅಪರ ಜಿಲ್ಲಾಧಿಕಾರಿ, ಜಿಲ್ಲಾ ಸಾಂಖ್ಯಿಕ ಅಧಿಕಾರಿ, ಜಿಲ್ಲಾ ಆರೋಗ್ಯಾಧಿಕಾರಿ ಸೇರಿದಂತೆ ವಿವಿಧ ಇಲಾಖೆಗಳ ಅಧಿಕಾರಿಗಳು ಉಪಸ್ಥಿತರಿದ್ದರು.
